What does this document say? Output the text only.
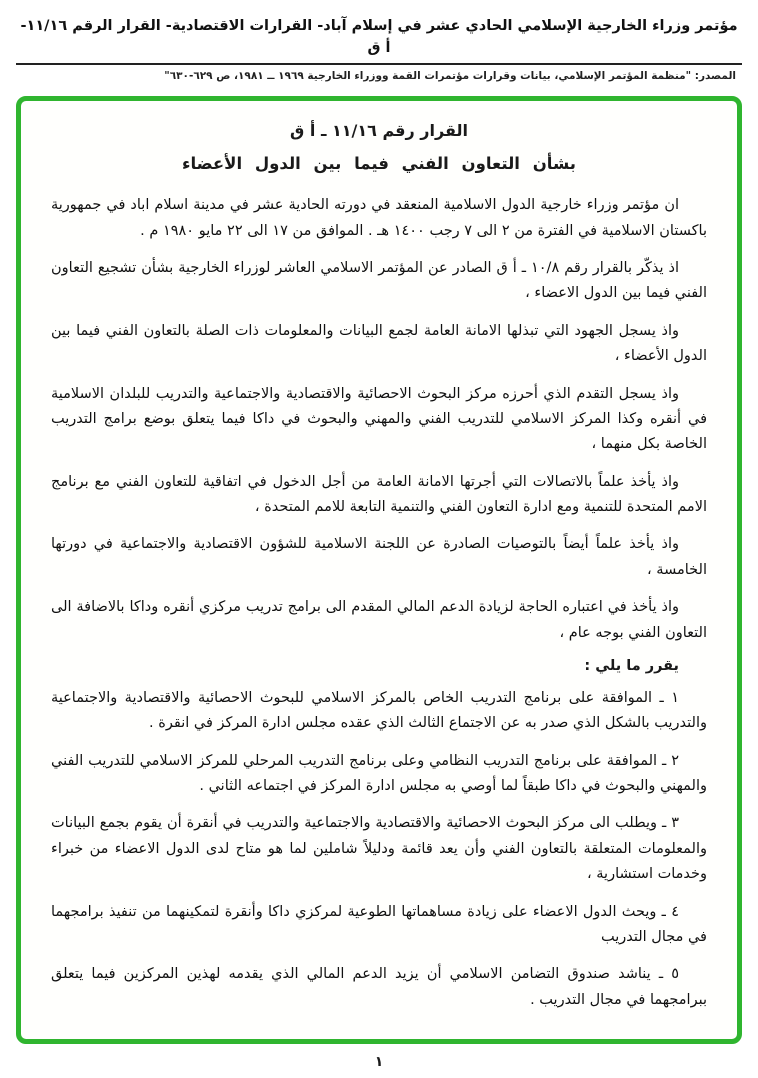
مؤتمر وزراء الخارجية الإسلامي الحادي عشر في إسلام آباد- القرارات الاقتصادية- القرار الرقم ١١/١٦- أ ق
المصدر: "منظمة المؤتمر الإسلامي، بيانات وقرارات مؤتمرات القمة ووزراء الخارجية ١٩٦٩ ــ ١٩٨١، ص ٦٢٩-٦٣٠"
القرار رقم ١١/١٦ ـ أ ق
بشأن التعاون الفني فيما بين الدول الأعضاء

ان مؤتمر وزراء خارجية الدول الاسلامية المنعقد في دورته الحادية عشر في مدينة اسلام اباد في جمهورية باكستان الاسلامية في الفترة من ٢ الى ٧ رجب ١٤٠٠ هـ . الموافق من ١٧ الى ٢٢ مايو ١٩٨٠ م .

اذ يذكّر بالقرار رقم ١٠/٨ ـ أ ق الصادر عن المؤتمر الاسلامي العاشر لوزراء الخارجية بشأن تشجيع التعاون الفني فيما بين الدول الاعضاء ،

واذ يسجل الجهود التي تبذلها الامانة العامة لجمع البيانات والمعلومات ذات الصلة بالتعاون الفني فيما بين الدول الأعضاء ،

واذ يسجل التقدم الذي أحرزه مركز البحوث الاحصائية والاقتصادية والاجتماعية والتدريب للبلدان الاسلامية في أنقره وكذا المركز الاسلامي للتدريب الفني والمهني والبحوث في داكا فيما يتعلق بوضع برامج التدريب الخاصة بكل منهما ،

واذ يأخذ علماً بالاتصالات التي أجرتها الامانة العامة من أجل الدخول في اتفاقية للتعاون الفني مع برنامج الامم المتحدة للتنمية ومع ادارة التعاون الفني والتنمية التابعة للامم المتحدة ،

واذ يأخذ علماً أيضاً بالتوصيات الصادرة عن اللجنة الاسلامية للشؤون الاقتصادية والاجتماعية في دورتها الخامسة ،

واذ يأخذ في اعتباره الحاجة لزيادة الدعم المالي المقدم الى برامج تدريب مركزي أنقره وداكا بالاضافة الى التعاون الفني بوجه عام ،

يقرر ما يلي :

١ ـ الموافقة على برنامج التدريب الخاص بالمركز الاسلامي للبحوث الاحصائية والاقتصادية والاجتماعية والتدريب بالشكل الذي صدر به عن الاجتماع الثالث الذي عقده مجلس ادارة المركز في انقرة .

٢ ـ الموافقة على برنامج التدريب النظامي وعلى برنامج التدريب المرحلي للمركز الاسلامي للتدريب الفني والمهني والبحوث في داكا طبقاً لما أوصي به مجلس ادارة المركز في اجتماعه الثاني .

٣ ـ ويطلب الى مركز البحوث الاحصائية والاقتصادية والاجتماعية والتدريب في أنقرة أن يقوم بجمع البيانات والمعلومات المتعلقة بالتعاون الفني وأن يعد قائمة ودليلاً شاملين لما هو متاح لدى الدول الاعضاء من خبراء وخدمات استشارية ،

٤ ـ ويحث الدول الاعضاء على زيادة مساهماتها الطوعية لمركزي داكا وأنقرة لتمكينهما من تنفيذ برامجهما في مجال التدريب

٥ ـ يناشد صندوق التضامن الاسلامي أن يزيد الدعم المالي الذي يقدمه لهذين المركزين فيما يتعلق ببرامجهما في مجال التدريب .

١
